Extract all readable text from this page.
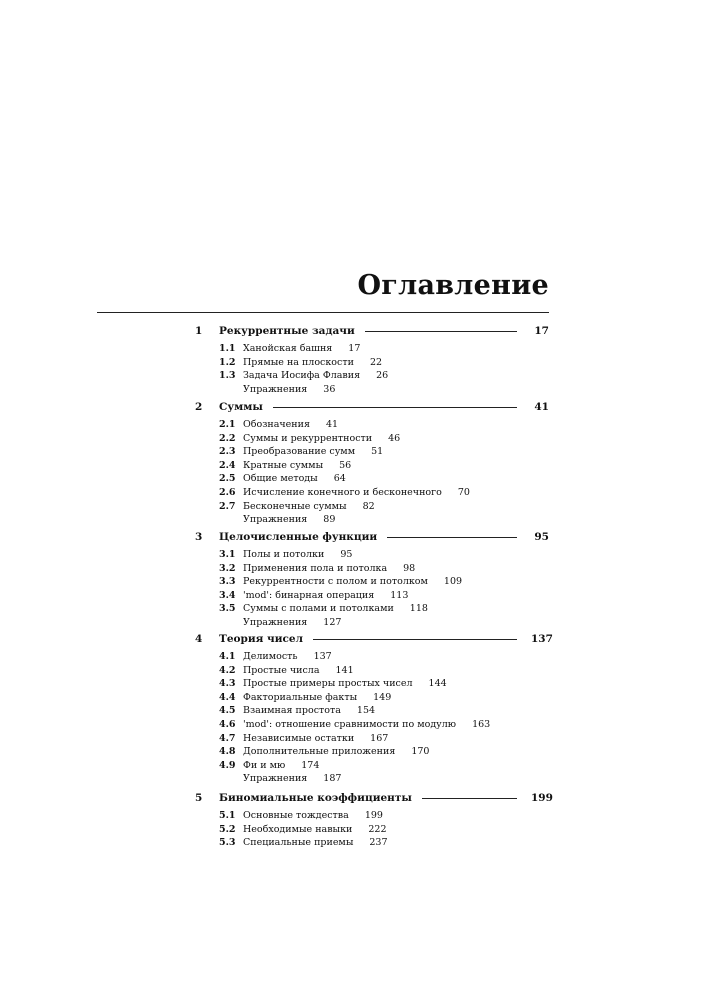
Оглавление
1	Рекуррентные задачи	17
1.1 Ханойская башня 17
1.2 Прямые на плоскости 22
1.3 Задача Иосифа Флавия 26
Упражнения 36
2	Суммы	41
2.1 Обозначения 41
2.2 Суммы и рекуррентности 46
2.3 Преобразование сумм 51
2.4 Кратные суммы 56
2.5 Общие методы 64
2.6 Исчисление конечного и бесконечного 70
2.7 Бесконечные суммы 82
Упражнения 89
3	Целочисленные функции	95
3.1 Полы и потолки 95
3.2 Применения пола и потолка 98
3.3 Рекуррентности с полом и потолком 109
3.4 'mod': бинарная операция 113
3.5 Суммы с полами и потолками 118
Упражнения 127
4	Теория чисел	137
4.1 Делимость 137
4.2 Простые числа 141
4.3 Простые примеры простых чисел 144
4.4 Факториальные факты 149
4.5 Взаимная простота 154
4.6 'mod': отношение сравнимости по модулю 163
4.7 Независимые остатки 167
4.8 Дополнительные приложения 170
4.9 Фи и мю 174
Упражнения 187
5	Биномиальные коэффициенты	199
5.1 Основные тождества 199
5.2 Необходимые навыки 222
5.3 Специальные приемы 237
